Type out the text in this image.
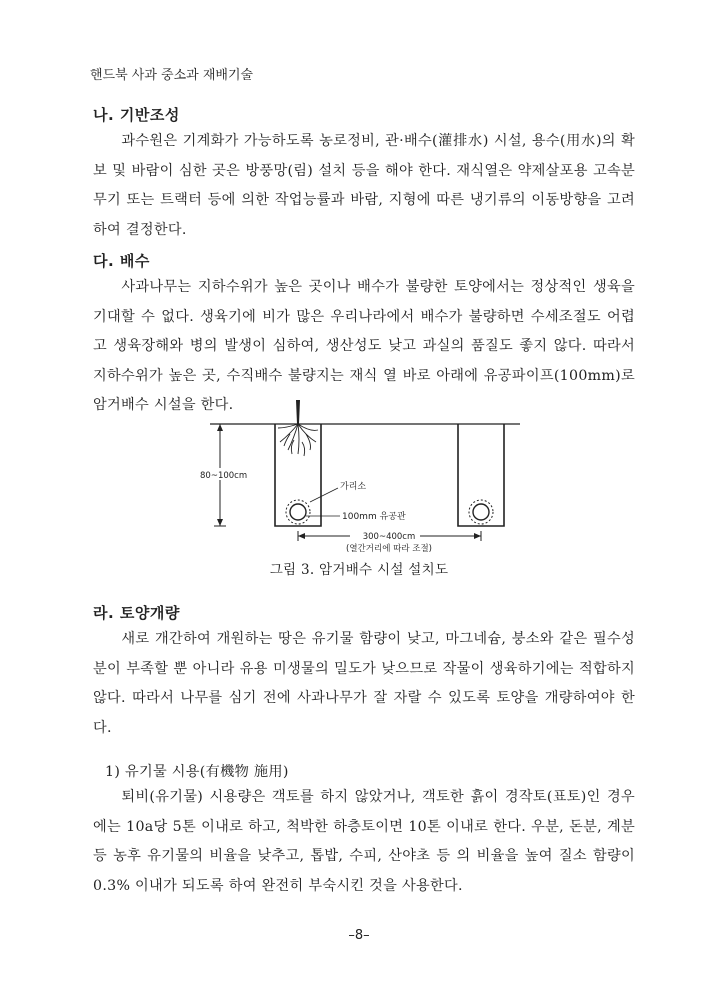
핸드북 사과 중소과 재배기술
나. 기반조성

과수원은 기계화가 가능하도록 농로정비, 관·배수(灌排水) 시설, 용수(用水)의 확보 및 바람이 심한 곳은 방풍망(림) 설치 등을 해야 한다. 재식열은 약제살포용 고속분무기 또는 트랙터 등에 의한 작업능률과 바람, 지형에 따른 냉기류의 이동방향을 고려하여 결정한다.

다. 배수

사과나무는 지하수위가 높은 곳이나 배수가 불량한 토양에서는 정상적인 생육을 기대할 수 없다. 생육기에 비가 많은 우리나라에서 배수가 불량하면 수세조절도 어렵고 생육장해와 병의 발생이 심하여, 생산성도 낮고 과실의 품질도 좋지 않다. 따라서 지하수위가 높은 곳, 수직배수 불량지는 재식 열 바로 아래에 유공파이프(100mm)로 암거배수 시설을 한다.

80~100cm
가리소
100mm 유공관
300~400cm
(열간거리에 따라 조절)
그림 3. 암거배수 시설 설치도
라. 토양개량

새로 개간하여 개원하는 땅은 유기물 함량이 낮고, 마그네슘, 붕소와 같은 필수성분이 부족할 뿐 아니라 유용 미생물의 밀도가 낮으므로 작물이 생육하기에는 적합하지 않다. 따라서 나무를 심기 전에 사과나무가 잘 자랄 수 있도록 토양을 개량하여야 한다.

1) 유기물 시용(有機物 施用)

퇴비(유기물) 시용량은 객토를 하지 않았거나, 객토한 흙이 경작토(표토)인 경우에는 10a당 5톤 이내로 하고, 척박한 하층토이면 10톤 이내로 한다. 우분, 돈분, 계분 등 농후 유기물의 비율을 낮추고, 톱밥, 수피, 산야초 등 의 비율을 높여 질소 함량이 0.3% 이내가 되도록 하여 완전히 부숙시킨 것을 사용한다.

–8–
